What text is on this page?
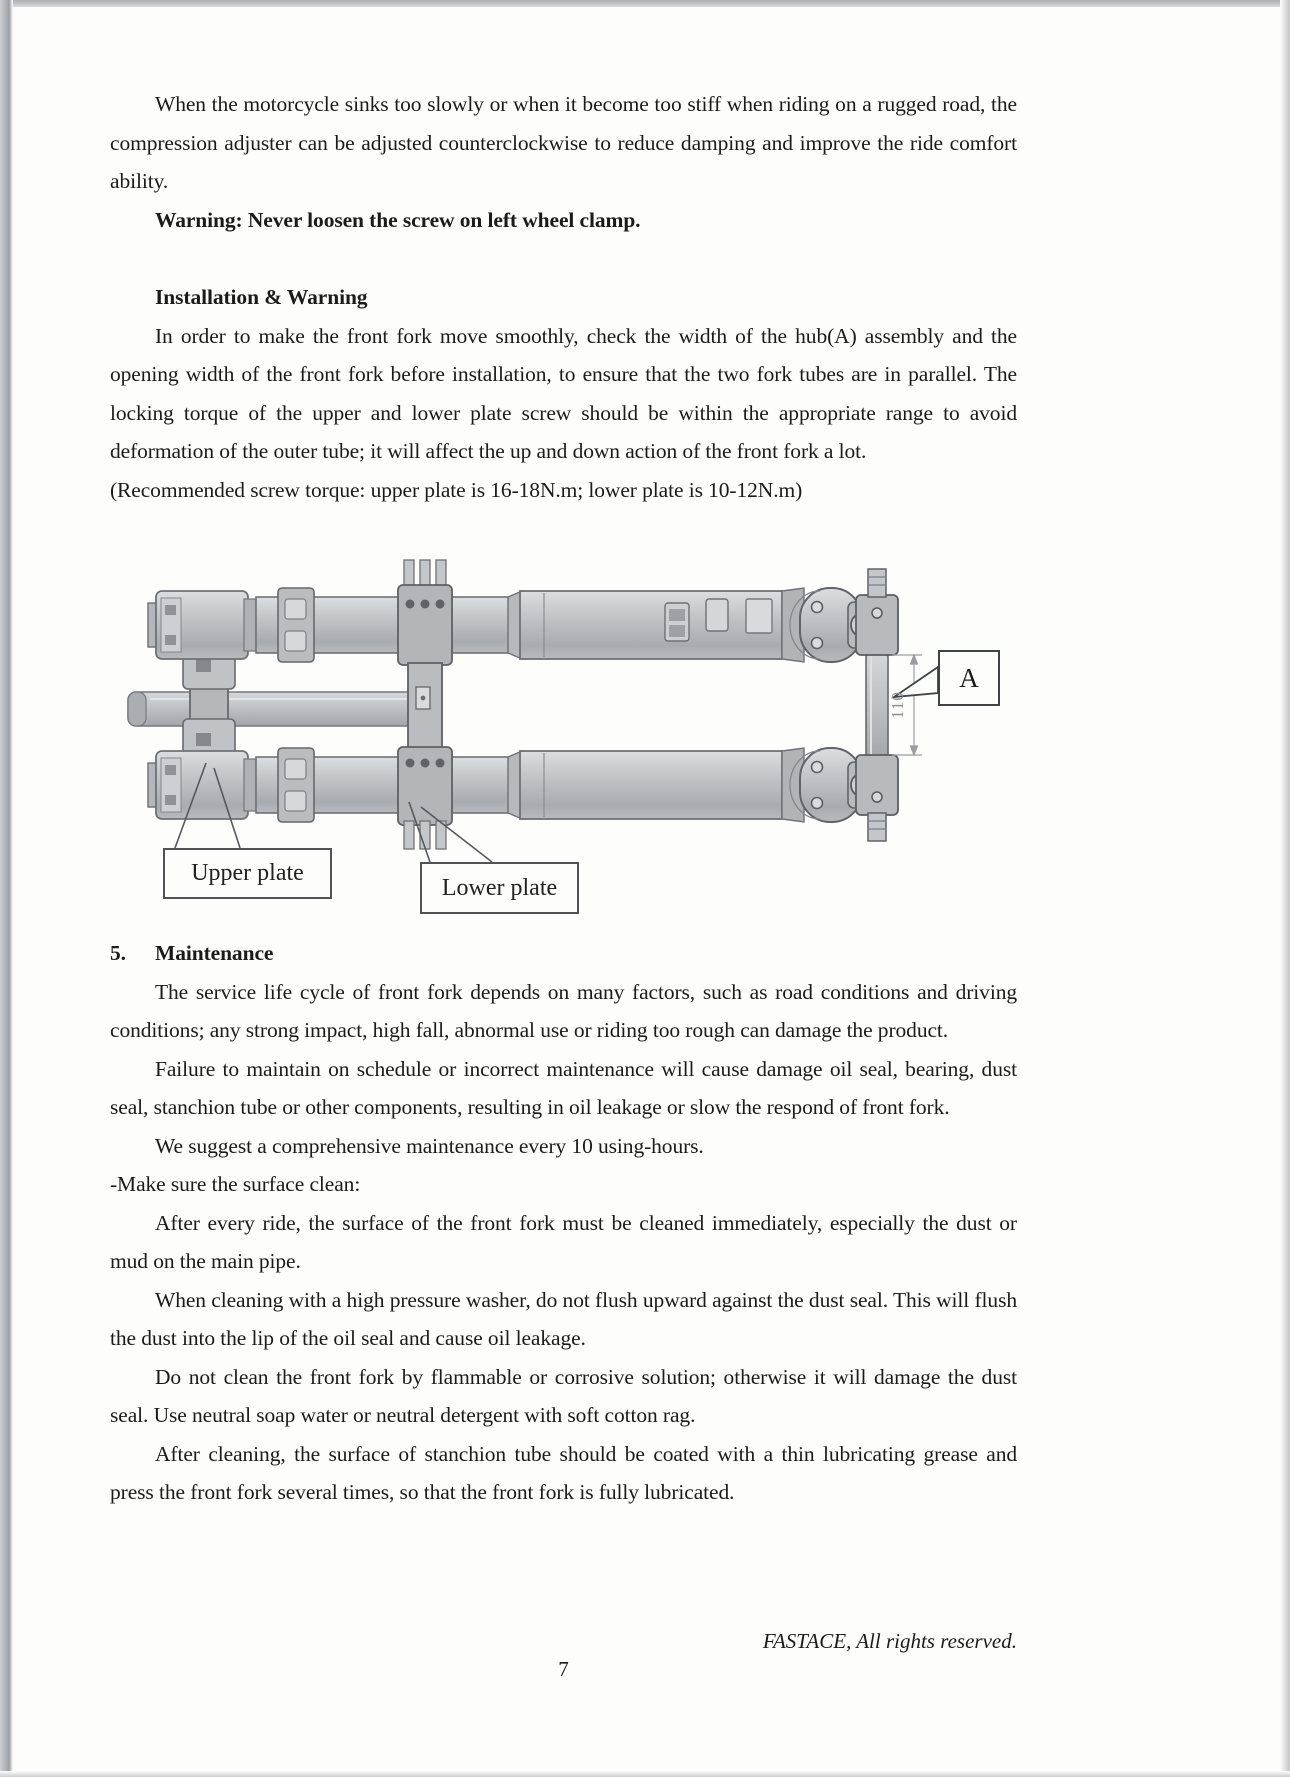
When the motorcycle sinks too slowly or when it become too stiff when riding on a rugged road, the compression adjuster can be adjusted counterclockwise to reduce damping and improve the ride comfort ability.

Warning: Never loosen the screw on left wheel clamp.

Installation & Warning

In order to make the front fork move smoothly, check the width of the hub(A) assembly and the opening width of the front fork before installation, to ensure that the two fork tubes are in parallel. The locking torque of the upper and lower plate screw should be within the appropriate range to avoid deformation of the outer tube; it will affect the up and down action of the front fork a lot.

(Recommended screw torque: upper plate is 16-18N.m; lower plate is 10-12N.m)

Upper plate
Lower plate
A
110

5. Maintenance

The service life cycle of front fork depends on many factors, such as road conditions and driving conditions; any strong impact, high fall, abnormal use or riding too rough can damage the product.

Failure to maintain on schedule or incorrect maintenance will cause damage oil seal, bearing, dust seal, stanchion tube or other components, resulting in oil leakage or slow the respond of front fork.

We suggest a comprehensive maintenance every 10 using-hours.

-Make sure the surface clean:

After every ride, the surface of the front fork must be cleaned immediately, especially the dust or mud on the main pipe.

When cleaning with a high pressure washer, do not flush upward against the dust seal. This will flush the dust into the lip of the oil seal and cause oil leakage.

Do not clean the front fork by flammable or corrosive solution; otherwise it will damage the dust seal. Use neutral soap water or neutral detergent with soft cotton rag.

After cleaning, the surface of stanchion tube should be coated with a thin lubricating grease and press the front fork several times, so that the front fork is fully lubricated.

FASTACE, All rights reserved.
7
